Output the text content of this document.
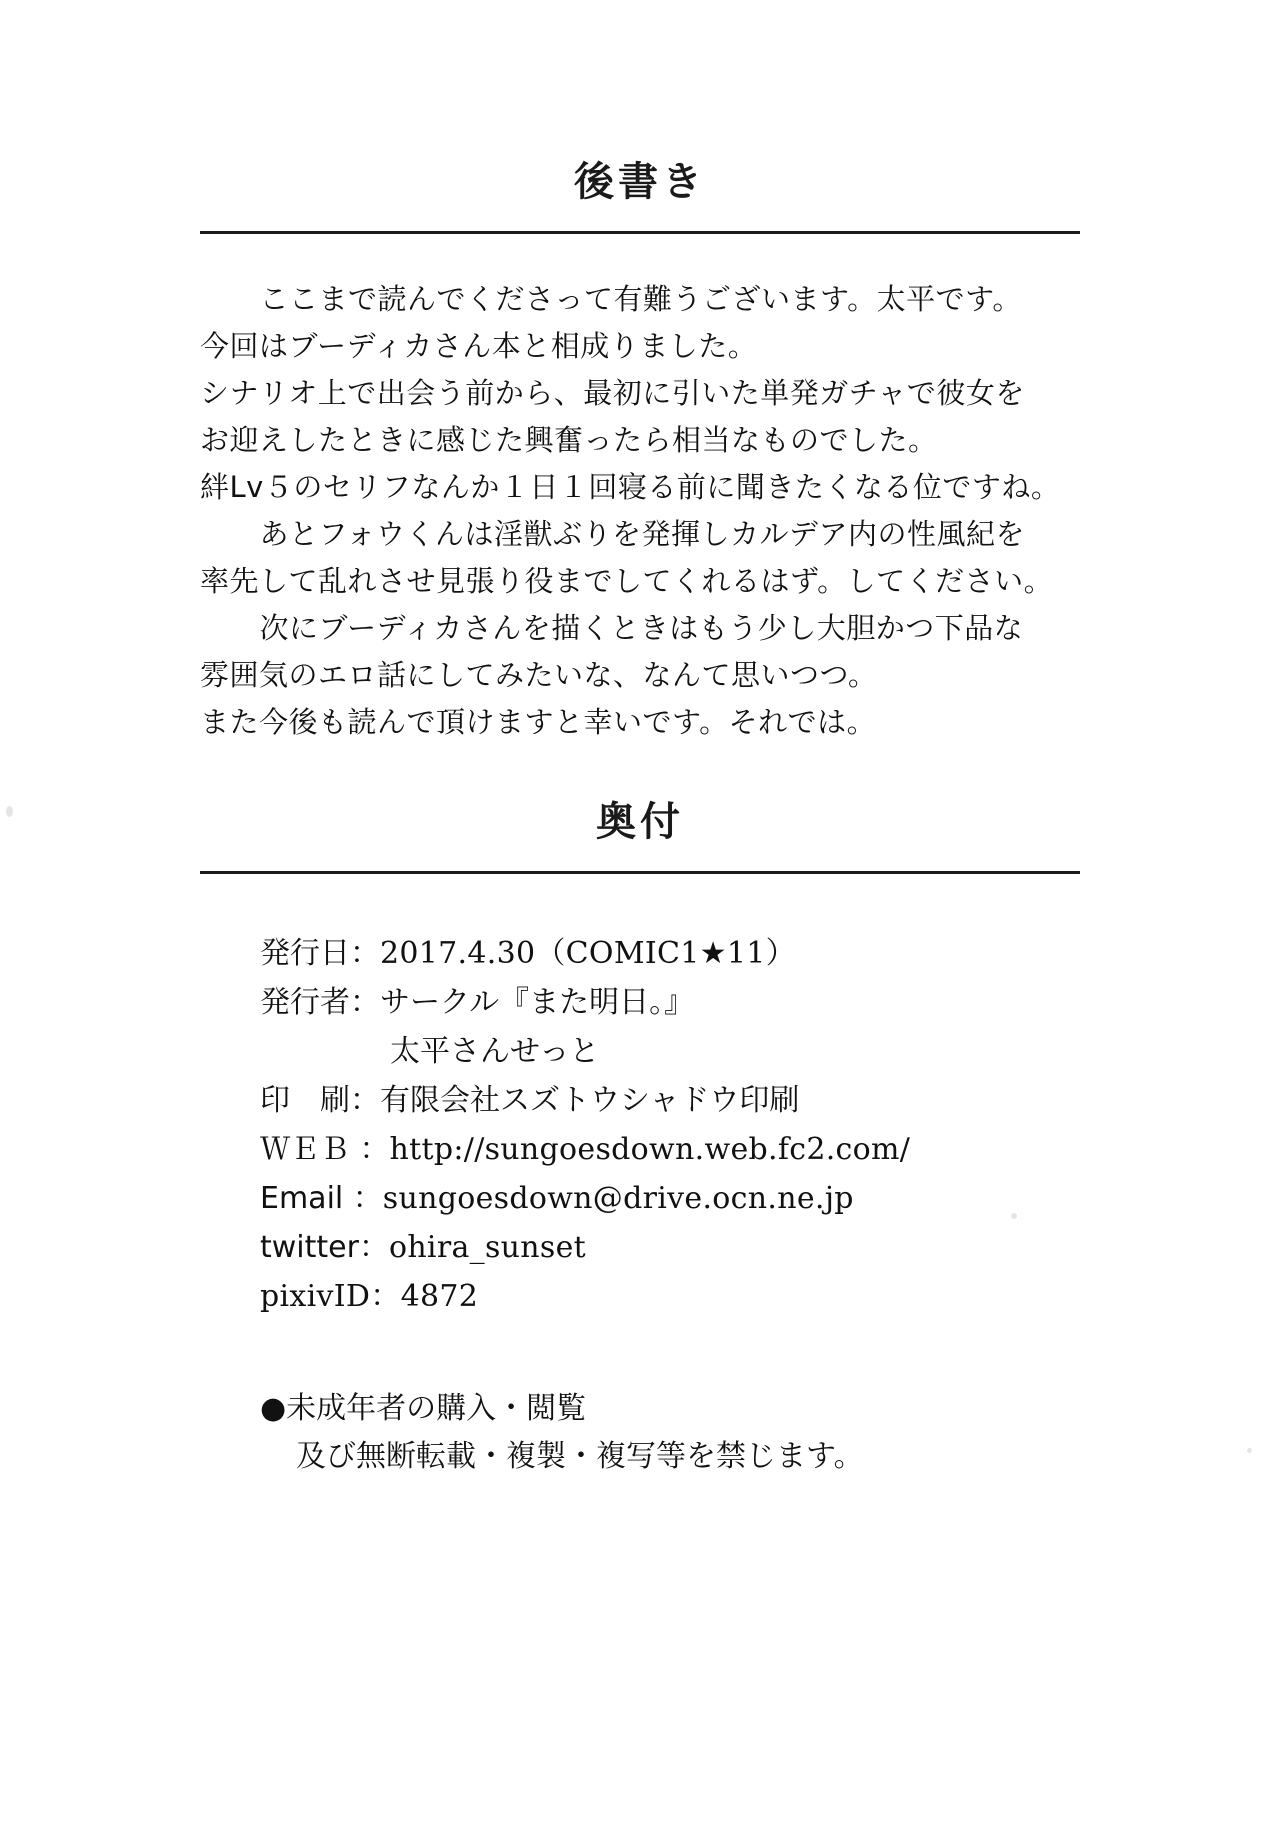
後書き

　ここまで読んでくださって有難うございます。太平です。

今回はブーディカさん本と相成りました。

シナリオ上で出会う前から、最初に引いた単発ガチャで彼女を

お迎えしたときに感じた興奮ったら相当なものでした。

絆Lv５のセリフなんか１日１回寝る前に聞きたくなる位ですね。

　あとフォウくんは淫獣ぶりを発揮しカルデア内の性風紀を

率先して乱れさせ見張り役までしてくれるはず。してください。

　次にブーディカさんを描くときはもう少し大胆かつ下品な

雰囲気のエロ話にしてみたいな、なんて思いつつ。

また今後も読んで頂けますと幸いです。それでは。

奥付
発行日：2017.4.30（COMIC1★11）
発行者：サークル『また明日。』
太平さんせっと
印　刷：有限会社スズトウシャドウ印刷
ＷＥＢ ：http://sungoesdown.web.fc2.com/
Email ：sungoesdown@drive.ocn.ne.jp
twitter：ohira_sunset
pixivID：4872
●未成年者の購入・閲覧
及び無断転載・複製・複写等を禁じます。
